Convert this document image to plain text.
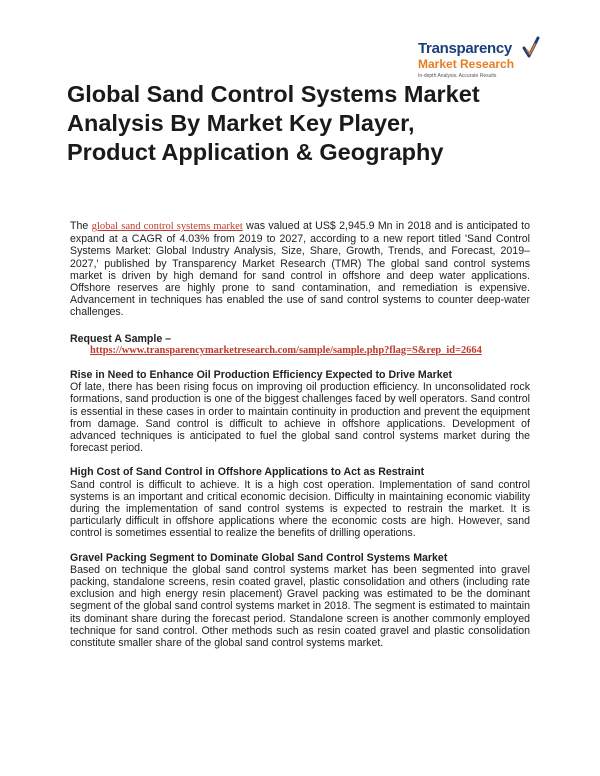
Transparency
Market Research
In-depth Analysis. Accurate Results
Global Sand Control Systems Market Analysis By Market Key Player, Product Application & Geography

The global sand control systems market was valued at US$ 2,945.9 Mn in 2018 and is anticipated to expand at a CAGR of 4.03% from 2019 to 2027, according to a new report titled 'Sand Control Systems Market: Global Industry Analysis, Size, Share, Growth, Trends, and Forecast, 2019–2027,' published by Transparency Market Research (TMR) The global sand control systems market is driven by high demand for sand control in offshore and deep water applications. Offshore reserves are highly prone to sand contamination, and remediation is expensive. Advancement in techniques has enabled the use of sand control systems to counter deep-water challenges.

Request A Sample –
https://www.transparencymarketresearch.com/sample/sample.php?flag=S&rep_id=2664

Rise in Need to Enhance Oil Production Efficiency Expected to Drive Market
Of late, there has been rising focus on improving oil production efficiency. In unconsolidated rock formations, sand production is one of the biggest challenges faced by well operators. Sand control is essential in these cases in order to maintain continuity in production and prevent the equipment from damage. Sand control is difficult to achieve in offshore applications. Development of advanced techniques is anticipated to fuel the global sand control systems market during the forecast period.

High Cost of Sand Control in Offshore Applications to Act as Restraint
Sand control is difficult to achieve. It is a high cost operation. Implementation of sand control systems is an important and critical economic decision. Difficulty in maintaining economic viability during the implementation of sand control systems is expected to restrain the market. It is particularly difficult in offshore applications where the economic costs are high. However, sand control is sometimes essential to realize the benefits of drilling operations.

Gravel Packing Segment to Dominate Global Sand Control Systems Market
Based on technique the global sand control systems market has been segmented into gravel packing, standalone screens, resin coated gravel, plastic consolidation and others (including rate exclusion and high energy resin placement) Gravel packing was estimated to be the dominant segment of the global sand control systems market in 2018. The segment is estimated to maintain its dominant share during the forecast period. Standalone screen is another commonly employed technique for sand control. Other methods such as resin coated gravel and plastic consolidation constitute smaller share of the global sand control systems market.
